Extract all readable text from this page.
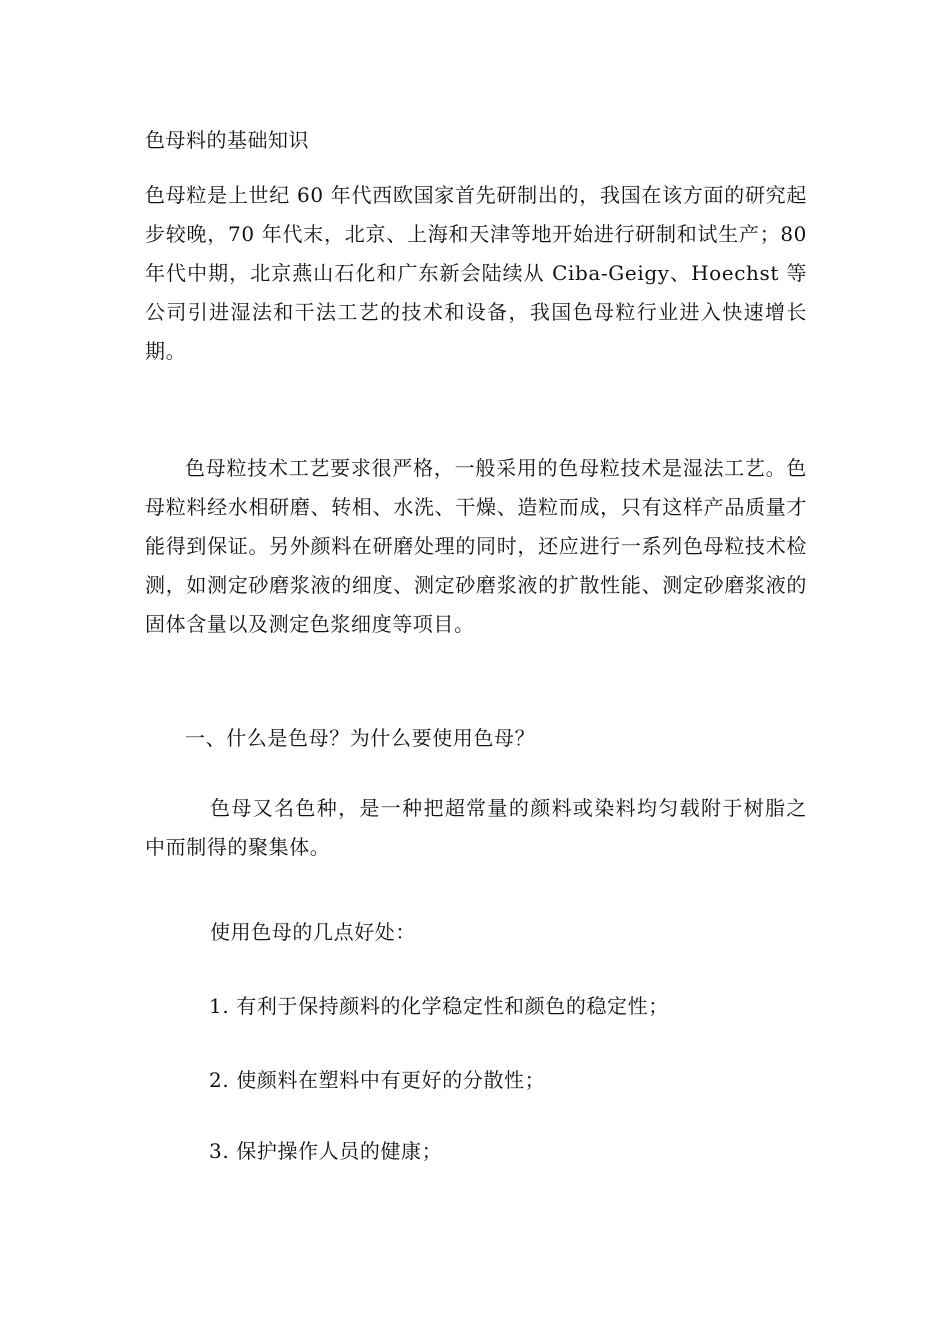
色母料的基础知识
色母粒是上世纪 60 年代西欧国家首先研制出的，我国在该方面的研究起步较晚，70 年代末，北京、上海和天津等地开始进行研制和试生产；80 年代中期，北京燕山石化和广东新会陆续从 Ciba-Geigy、Hoechst 等公司引进湿法和干法工艺的技术和设备，我国色母粒行业进入快速增长期。
色母粒技术工艺要求很严格，一般采用的色母粒技术是湿法工艺。色母粒料经水相研磨、转相、水洗、干燥、造粒而成，只有这样产品质量才能得到保证。另外颜料在研磨处理的同时，还应进行一系列色母粒技术检测，如测定砂磨浆液的细度、测定砂磨浆液的扩散性能、测定砂磨浆液的固体含量以及测定色浆细度等项目。
一、什么是色母？为什么要使用色母？
色母又名色种，是一种把超常量的颜料或染料均匀载附于树脂之中而制得的聚集体。
使用色母的几点好处：
1. 有利于保持颜料的化学稳定性和颜色的稳定性；
2. 使颜料在塑料中有更好的分散性；
3. 保护操作人员的健康；
